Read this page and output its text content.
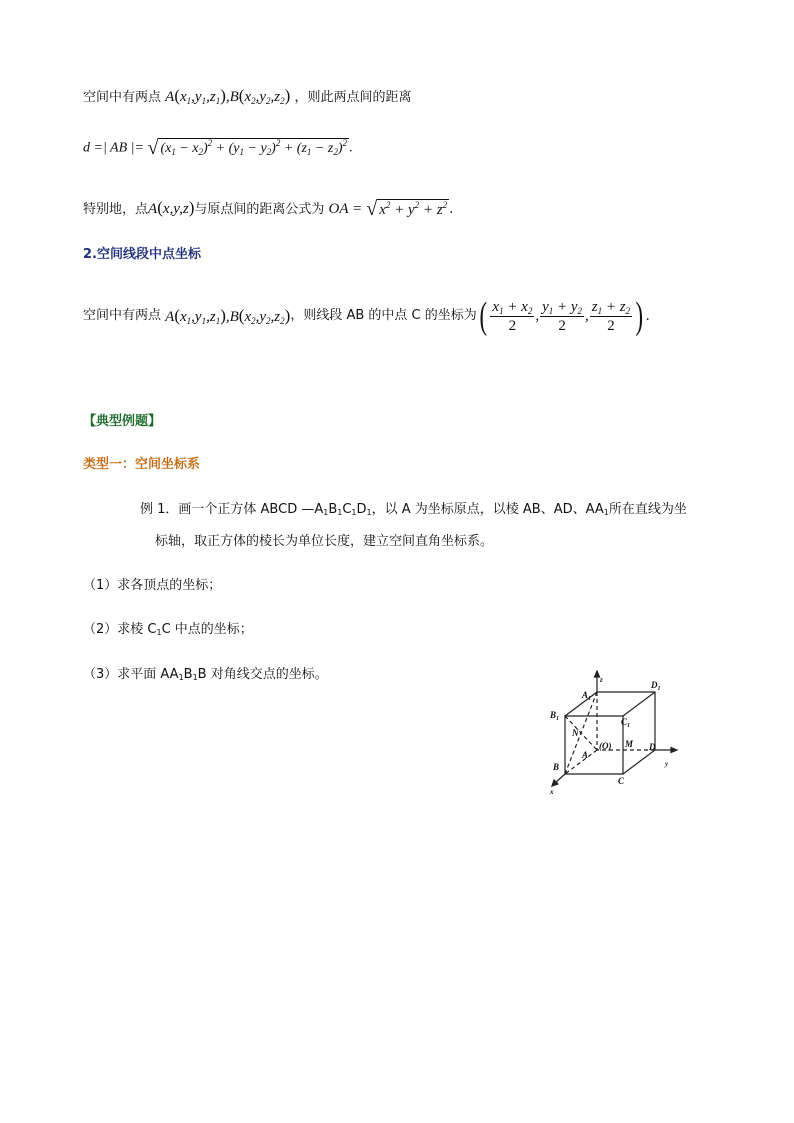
空间中有两点 $A(x_1,y_1,z_1),B(x_2,y_2,z_2)$ ，则此两点间的距离
d =| AB |= √ $(x_1 - x_2)^2 + (y_1 - y_2)^2 + (z_1 - z_2)^2$ .
特别地，点A(x,y,z)与原点间的距离公式为 OA = √ $x^2 + y^2 + z^2$ .
2.空间线段中点坐标
空间中有两点
$A(x_1,y_1,z_1),B(x_2,y_2,z_2)$ ，则线段 AB 的中点 C 的坐标为 ( $\frac{x_1 + x_2}{2}$ , $\frac{y_1 + y_2}{2}$ , $\frac{z_1 + z_2}{2}$ ) .
【典型例题】
类型一：空间坐标系
例 1．画一个正方体 ABCD —A1B1C1D1，以 A 为坐标原点，以棱 AB、AD、AA1所在直线为坐
标轴，取正方体的棱长为单位长度，建立空间直角坐标系。
（1）求各顶点的坐标；
（2）求棱 C1C 中点的坐标；
（3）求平面 AA1B1B 对角线交点的坐标。
$A_1$
$D_1$
$B_1$	$C_1$
N
(O) M D
A
B
C
z
y
x
